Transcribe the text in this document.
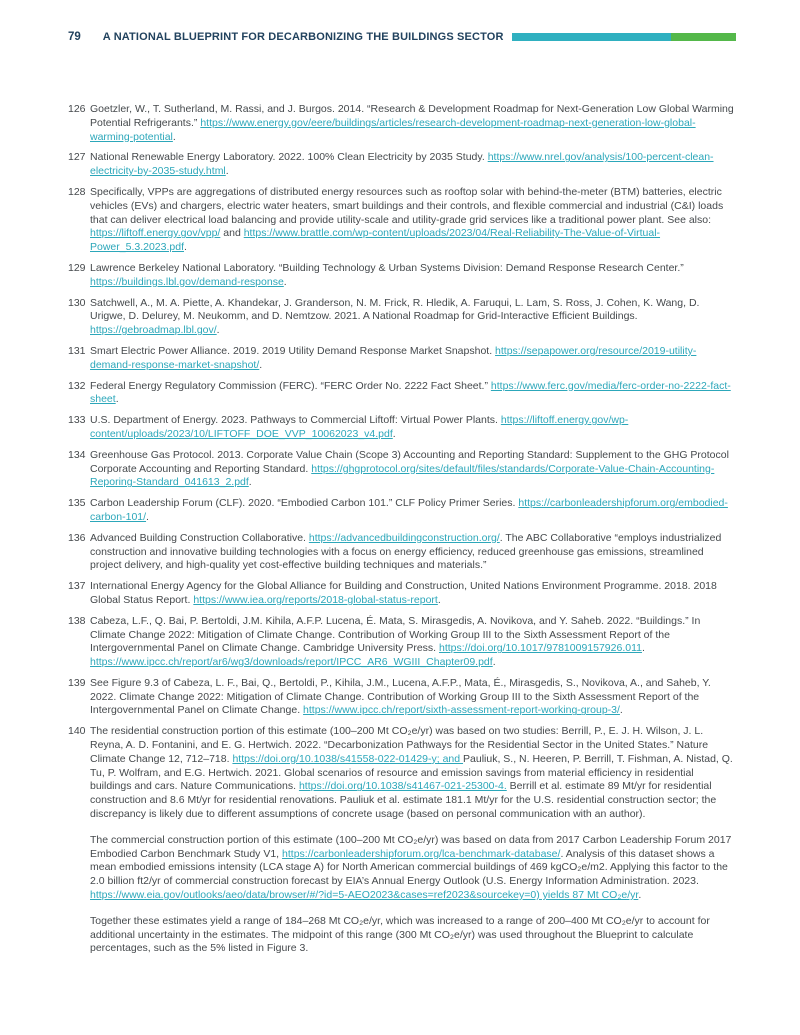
79 A NATIONAL BLUEPRINT FOR DECARBONIZING THE BUILDINGS SECTOR
126 Goetzler, W., T. Sutherland, M. Rassi, and J. Burgos. 2014. “Research & Development Roadmap for Next-Generation Low Global Warming Potential Refrigerants.” https://www.energy.gov/eere/buildings/articles/research-development-roadmap-next-generation-low-global-warming-potential.

127 National Renewable Energy Laboratory. 2022. 100% Clean Electricity by 2035 Study. https://www.nrel.gov/analysis/100-percent-clean-electricity-by-2035-study.html.

128 Specifically, VPPs are aggregations of distributed energy resources such as rooftop solar with behind-the-meter (BTM) batteries, electric vehicles (EVs) and chargers, electric water heaters, smart buildings and their controls, and flexible commercial and industrial (C&I) loads that can deliver electrical load balancing and provide utility-scale and utility-grade grid services like a traditional power plant. See also: https://liftoff.energy.gov/vpp/ and https://www.brattle.com/wp-content/uploads/2023/04/Real-Reliability-The-Value-of-Virtual-Power_5.3.2023.pdf.

129 Lawrence Berkeley National Laboratory. “Building Technology & Urban Systems Division: Demand Response Research Center.” https://buildings.lbl.gov/demand-response.

130 Satchwell, A., M. A. Piette, A. Khandekar, J. Granderson, N. M. Frick, R. Hledik, A. Faruqui, L. Lam, S. Ross, J. Cohen, K. Wang, D. Urigwe, D. Delurey, M. Neukomm, and D. Nemtzow. 2021. A National Roadmap for Grid-Interactive Efficient Buildings. https://gebroadmap.lbl.gov/.

131 Smart Electric Power Alliance. 2019. 2019 Utility Demand Response Market Snapshot. https://sepapower.org/resource/2019-utility-demand-response-market-snapshot/.

132 Federal Energy Regulatory Commission (FERC). “FERC Order No. 2222 Fact Sheet.” https://www.ferc.gov/media/ferc-order-no-2222-fact-sheet.

133 U.S. Department of Energy. 2023. Pathways to Commercial Liftoff: Virtual Power Plants. https://liftoff.energy.gov/wp-content/uploads/2023/10/LIFTOFF_DOE_VVP_10062023_v4.pdf.

134 Greenhouse Gas Protocol. 2013. Corporate Value Chain (Scope 3) Accounting and Reporting Standard: Supplement to the GHG Protocol Corporate Accounting and Reporting Standard. https://ghgprotocol.org/sites/default/files/standards/Corporate-Value-Chain-Accounting-Reporing-Standard_041613_2.pdf.

135 Carbon Leadership Forum (CLF). 2020. “Embodied Carbon 101.” CLF Policy Primer Series. https://carbonleadershipforum.org/embodied-carbon-101/.

136 Advanced Building Construction Collaborative. https://advancedbuildingconstruction.org/. The ABC Collaborative “employs industrialized construction and innovative building technologies with a focus on energy efficiency, reduced greenhouse gas emissions, streamlined project delivery, and high-quality yet cost-effective building techniques and materials.”

137 International Energy Agency for the Global Alliance for Building and Construction, United Nations Environment Programme. 2018. 2018 Global Status Report. https://www.iea.org/reports/2018-global-status-report.

138 Cabeza, L.F., Q. Bai, P. Bertoldi, J.M. Kihila, A.F.P. Lucena, É. Mata, S. Mirasgedis, A. Novikova, and Y. Saheb. 2022. “Buildings.” In Climate Change 2022: Mitigation of Climate Change. Contribution of Working Group III to the Sixth Assessment Report of the Intergovernmental Panel on Climate Change. Cambridge University Press. https://doi.org/10.1017/9781009157926.011. https://www.ipcc.ch/report/ar6/wg3/downloads/report/IPCC_AR6_WGIII_Chapter09.pdf.

139 See Figure 9.3 of Cabeza, L. F., Bai, Q., Bertoldi, P., Kihila, J.M., Lucena, A.F.P., Mata, É., Mirasgedis, S., Novikova, A., and Saheb, Y. 2022. Climate Change 2022: Mitigation of Climate Change. Contribution of Working Group III to the Sixth Assessment Report of the Intergovernmental Panel on Climate Change. https://www.ipcc.ch/report/sixth-assessment-report-working-group-3/.

140 The residential construction portion of this estimate (100–200 Mt CO₂e/yr) was based on two studies: Berrill, P., E. J. H. Wilson, J. L. Reyna, A. D. Fontanini, and E. G. Hertwich. 2022. “Decarbonization Pathways for the Residential Sector in the United States.” Nature Climate Change 12, 712–718. https://doi.org/10.1038/s41558-022-01429-y; and Pauliuk, S., N. Heeren, P. Berrill, T. Fishman, A. Nistad, Q. Tu, P. Wolfram, and E.G. Hertwich. 2021. Global scenarios of resource and emission savings from material efficiency in residential buildings and cars. Nature Communications. https://doi.org/10.1038/s41467-021-25300-4. Berrill et al. estimate 89 Mt/yr for residential construction and 8.6 Mt/yr for residential renovations. Pauliuk et al. estimate 181.1 Mt/yr for the U.S. residential construction sector; the discrepancy is likely due to different assumptions of concrete usage (based on personal communication with an author).

The commercial construction portion of this estimate (100–200 Mt CO₂e/yr) was based on data from 2017 Carbon Leadership Forum 2017 Embodied Carbon Benchmark Study V1, https://carbonleadershipforum.org/lca-benchmark-database/. Analysis of this dataset shows a mean embodied emissions intensity (LCA stage A) for North American commercial buildings of 469 kgCO₂e/m2. Applying this factor to the 2.0 billion ft2/yr of commercial construction forecast by EIA’s Annual Energy Outlook (U.S. Energy Information Administration. 2023. https://www.eia.gov/outlooks/aeo/data/browser/#/?id=5-AEO2023&cases=ref2023&sourcekey=0) yields 87 Mt CO₂e/yr.

Together these estimates yield a range of 184–268 Mt CO₂e/yr, which was increased to a range of 200–400 Mt CO₂e/yr to account for additional uncertainty in the estimates. The midpoint of this range (300 Mt CO₂e/yr) was used throughout the Blueprint to calculate percentages, such as the 5% listed in Figure 3.
